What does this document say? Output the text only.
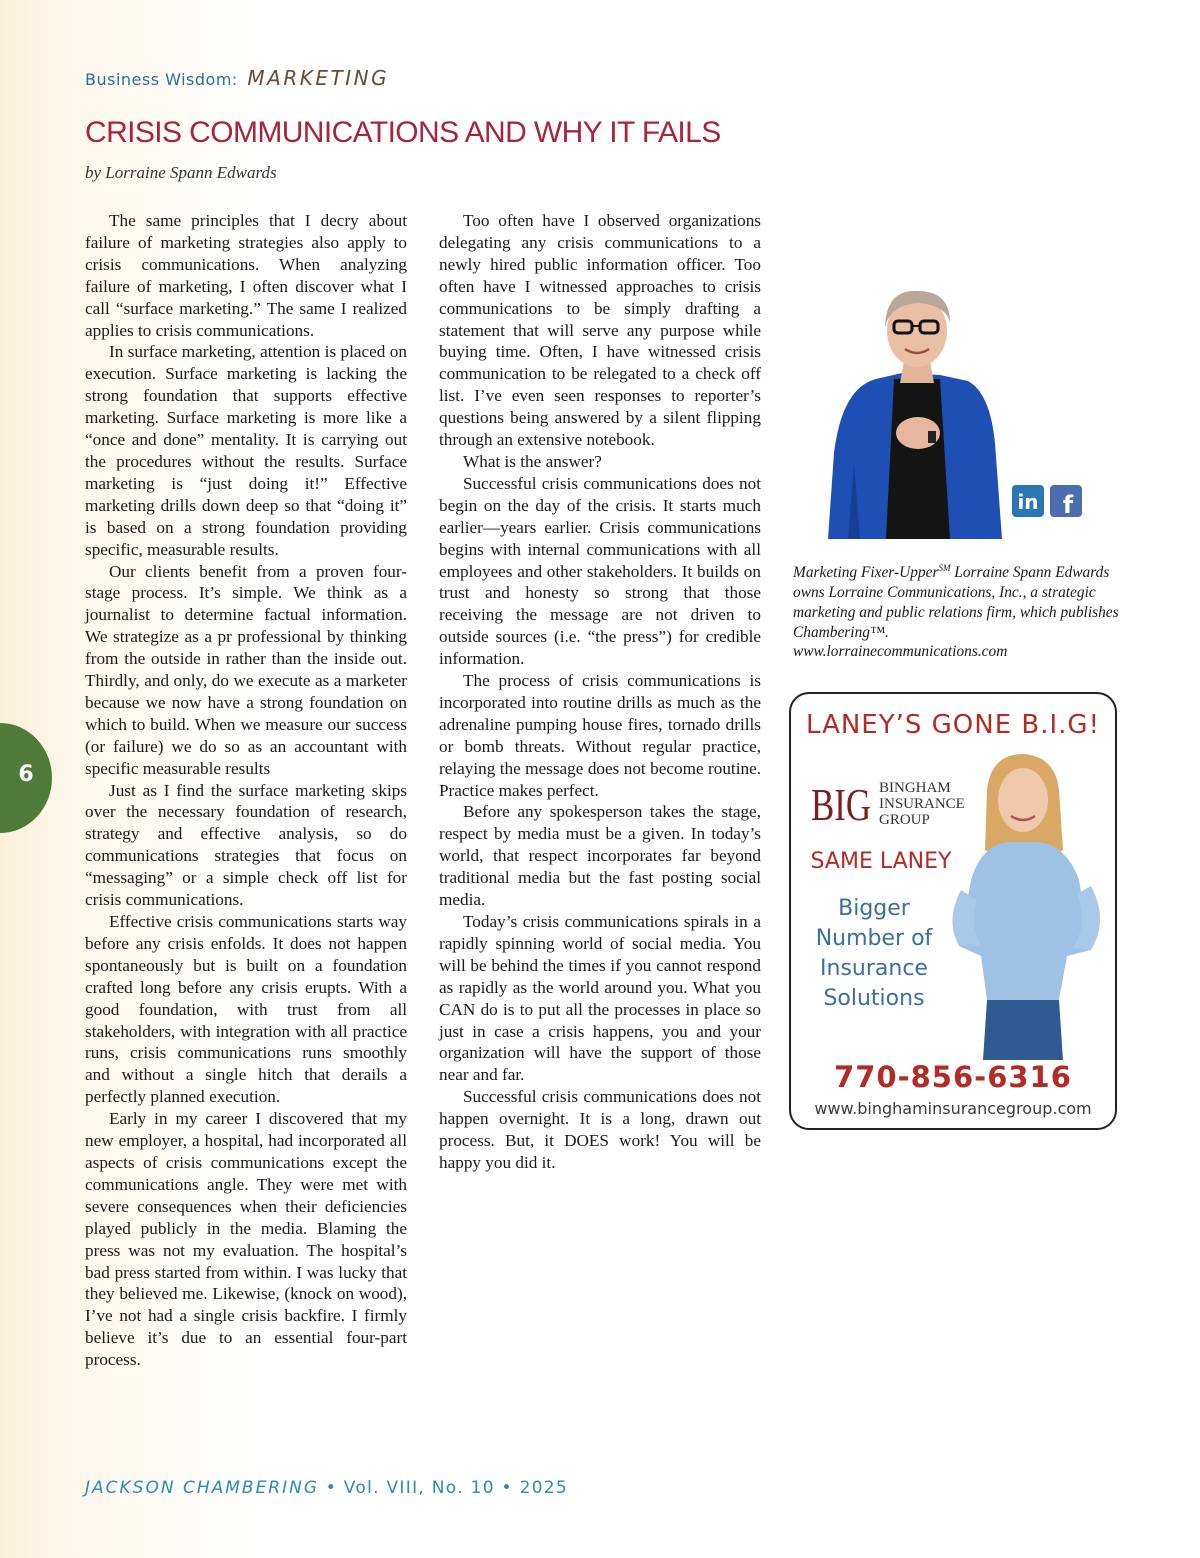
Business Wisdom: MARKETING
CRISIS COMMUNICATIONS AND WHY IT FAILS
by Lorraine Spann Edwards

The same principles that I decry about failure of marketing strategies also apply to crisis communications. When analyzing failure of marketing, I often discover what I call “surface marketing.” The same I realized applies to crisis communications.

In surface marketing, attention is placed on execution. Surface marketing is lacking the strong foundation that supports effective marketing. Surface marketing is more like a “once and done” mentality. It is carrying out the procedures without the results. Surface marketing is “just doing it!” Effective marketing drills down deep so that “doing it” is based on a strong foundation providing specific, measurable results.

Our clients benefit from a proven four-stage process. It’s simple. We think as a journalist to determine factual information. We strategize as a pr professional by thinking from the outside in rather than the inside out. Thirdly, and only, do we execute as a marketer because we now have a strong foundation on which to build. When we measure our success (or failure) we do so as an accountant with specific measurable results

Just as I find the surface marketing skips over the necessary foundation of research, strategy and effective analysis, so do communications strategies that focus on “messaging” or a simple check off list for crisis communications.

Effective crisis communications starts way before any crisis enfolds. It does not happen spontaneously but is built on a foundation crafted long before any crisis erupts. With a good foundation, with trust from all stakeholders, with integration with all practice runs, crisis communications runs smoothly and without a single hitch that derails a perfectly planned execution.

Early in my career I discovered that my new employer, a hospital, had incorporated all aspects of crisis communications except the communications angle. They were met with severe consequences when their deficiencies played publicly in the media. Blaming the press was not my evaluation. The hospital’s bad press started from within. I was lucky that they believed me. Likewise, (knock on wood), I’ve not had a single crisis backfire. I firmly believe it’s due to an essential four-part process.

Too often have I observed organizations delegating any crisis communications to a newly hired public information officer. Too often have I witnessed approaches to crisis communications to be simply drafting a statement that will serve any purpose while buying time. Often, I have witnessed crisis communication to be relegated to a check off list. I’ve even seen responses to reporter’s questions being answered by a silent flipping through an extensive notebook.

What is the answer?

Successful crisis communications does not begin on the day of the crisis. It starts much earlier—years earlier. Crisis communications begins with internal communications with all employees and other stakeholders. It builds on trust and honesty so strong that those receiving the message are not driven to outside sources (i.e. “the press”) for credible information.

The process of crisis communications is incorporated into routine drills as much as the adrenaline pumping house fires, tornado drills or bomb threats. Without regular practice, relaying the message does not become routine. Practice makes perfect.

Before any spokesperson takes the stage, respect by media must be a given. In today’s world, that respect incorporates far beyond traditional media but the fast posting social media.

Today’s crisis communications spirals in a rapidly spinning world of social media. You will be behind the times if you cannot respond as rapidly as the world around you. What you CAN do is to put all the processes in place so just in case a crisis happens, you and your organization will have the support of those near and far.

Successful crisis communications does not happen overnight. It is a long, drawn out process. But, it DOES work! You will be happy you did it.

in f
Marketing Fixer-Upper℠ Lorraine Spann Edwards owns Lorraine Communications, Inc., a strategic marketing and public relations firm, which publishes Chambering™.
www.lorrainecommunications.com
LANEY’S GONE B.I.G!
BIG BINGHAM
INSURANCE
GROUP
SAME LANEY
Bigger
Number of
Insurance
Solutions
770-856-6316
www.binghaminsurancegroup.com
6
JACKSON CHAMBERING • Vol. VIII, No. 10 • 2025
